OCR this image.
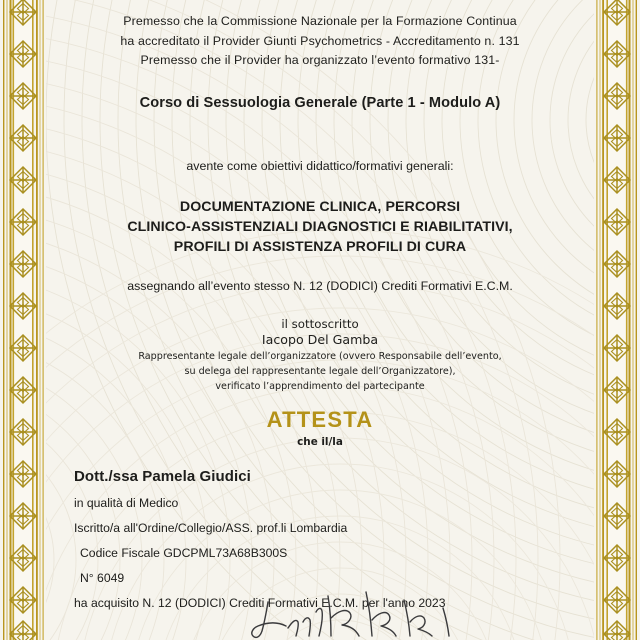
Premesso che la Commissione Nazionale per la Formazione Continua
ha accreditato il Provider Giunti Psychometrics - Accreditamento n. 131
Premesso che il Provider ha organizzato l’evento formativo 131-
Corso di Sessuologia Generale (Parte 1 - Modulo A)
avente come obiettivi didattico/formativi generali:
DOCUMENTAZIONE CLINICA, PERCORSI
CLINICO-ASSISTENZIALI DIAGNOSTICI E RIABILITATIVI,
PROFILI DI ASSISTENZA PROFILI DI CURA
assegnando all’evento stesso N. 12 (DODICI) Crediti Formativi E.C.M.
il sottoscritto
Iacopo Del Gamba
Rappresentante legale dell’organizzatore (ovvero Responsabile dell’evento,
su delega del rappresentante legale dell’Organizzatore),
verificato l’apprendimento del partecipante
ATTESTA
che il/la
Dott./ssa Pamela Giudici
in qualità di Medico
Iscritto/a all'Ordine/Collegio/ASS. prof.li Lombardia
Codice Fiscale GDCPML73A68B300S
N° 6049
ha acquisito N. 12 (DODICI) Crediti Formativi E.C.M. per l'anno 2023
